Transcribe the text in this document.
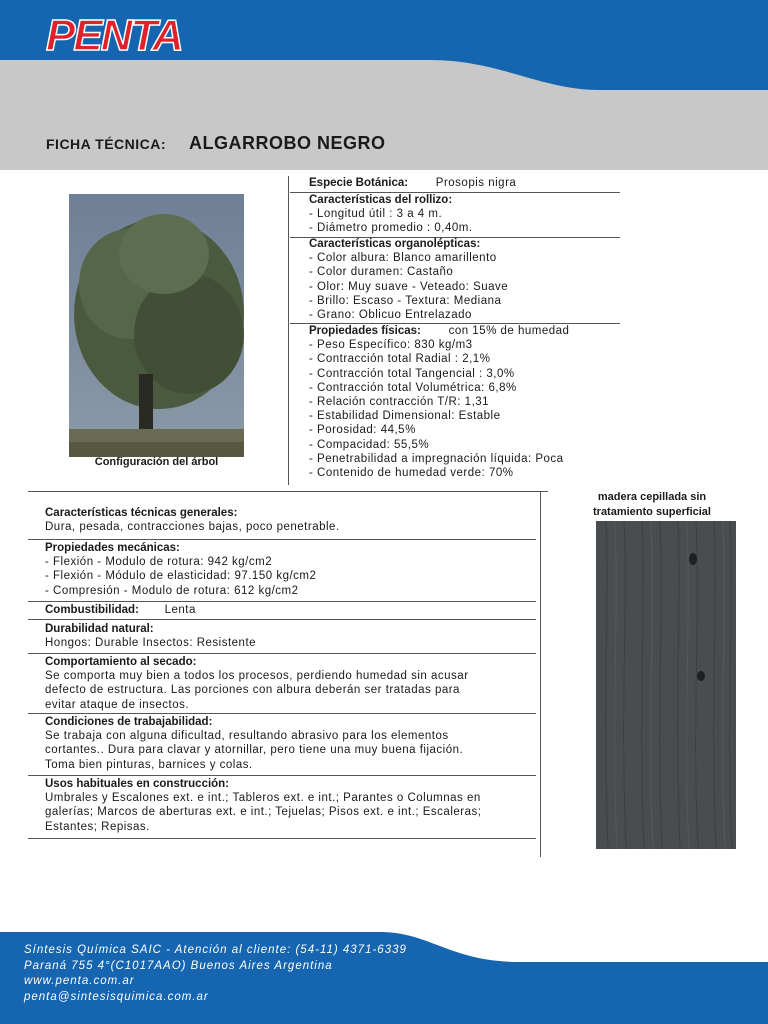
PENTA
FICHA TÉCNICA: ALGARROBO NEGRO
Configuración del árbol
Especie Botánica: Prosopis nigra
Características del rollizo:
- Longitud útil : 3 a 4 m.
- Diámetro promedio : 0,40m.
Características organolépticas:
- Color albura: Blanco amarillento
- Color duramen: Castaño
- Olor: Muy suave - Veteado: Suave
- Brillo: Escaso - Textura: Mediana
- Grano: Oblicuo Entrelazado
Propiedades físicas: con 15% de humedad
- Peso Específico: 830 kg/m3
- Contracción total Radial : 2,1%
- Contracción total Tangencial : 3,0%
- Contracción total Volumétrica: 6,8%
- Relación contracción T/R: 1,31
- Estabilidad Dimensional: Estable
- Porosidad: 44,5%
- Compacidad: 55,5%
- Penetrabilidad a impregnación líquida: Poca
- Contenido de humedad verde: 70%
Características técnicas generales:
Dura, pesada, contracciones bajas, poco penetrable.
Propiedades mecánicas:
- Flexión - Modulo de rotura: 942 kg/cm2
- Flexión - Módulo de elasticidad: 97.150 kg/cm2
- Compresión - Modulo de rotura: 612 kg/cm2
Combustibilidad: Lenta
Durabilidad natural:
Hongos: Durable Insectos: Resistente
Comportamiento al secado:
Se comporta muy bien a todos los procesos, perdiendo humedad sin acusar
defecto de estructura. Las porciones con albura deberán ser tratadas para
evitar ataque de insectos.
Condiciones de trabajabilidad:
Se trabaja con alguna dificultad, resultando abrasivo para los elementos
cortantes.. Dura para clavar y atornillar, pero tiene una muy buena fijación.
Toma bien pinturas, barnices y colas.
Usos habituales en construcción:
Umbrales y Escalones ext. e int.; Tableros ext. e int.; Parantes o Columnas en
galerías; Marcos de aberturas ext. e int.; Tejuelas; Pisos ext. e int.; Escaleras;
Estantes; Repisas.
madera cepillada sin
tratamiento superficial
Síntesis Química SAIC - Atención al cliente: (54-11) 4371-6339
Paraná 755 4°(C1017AAO) Buenos Aires Argentina
www.penta.com.ar
penta@sintesisquimica.com.ar
